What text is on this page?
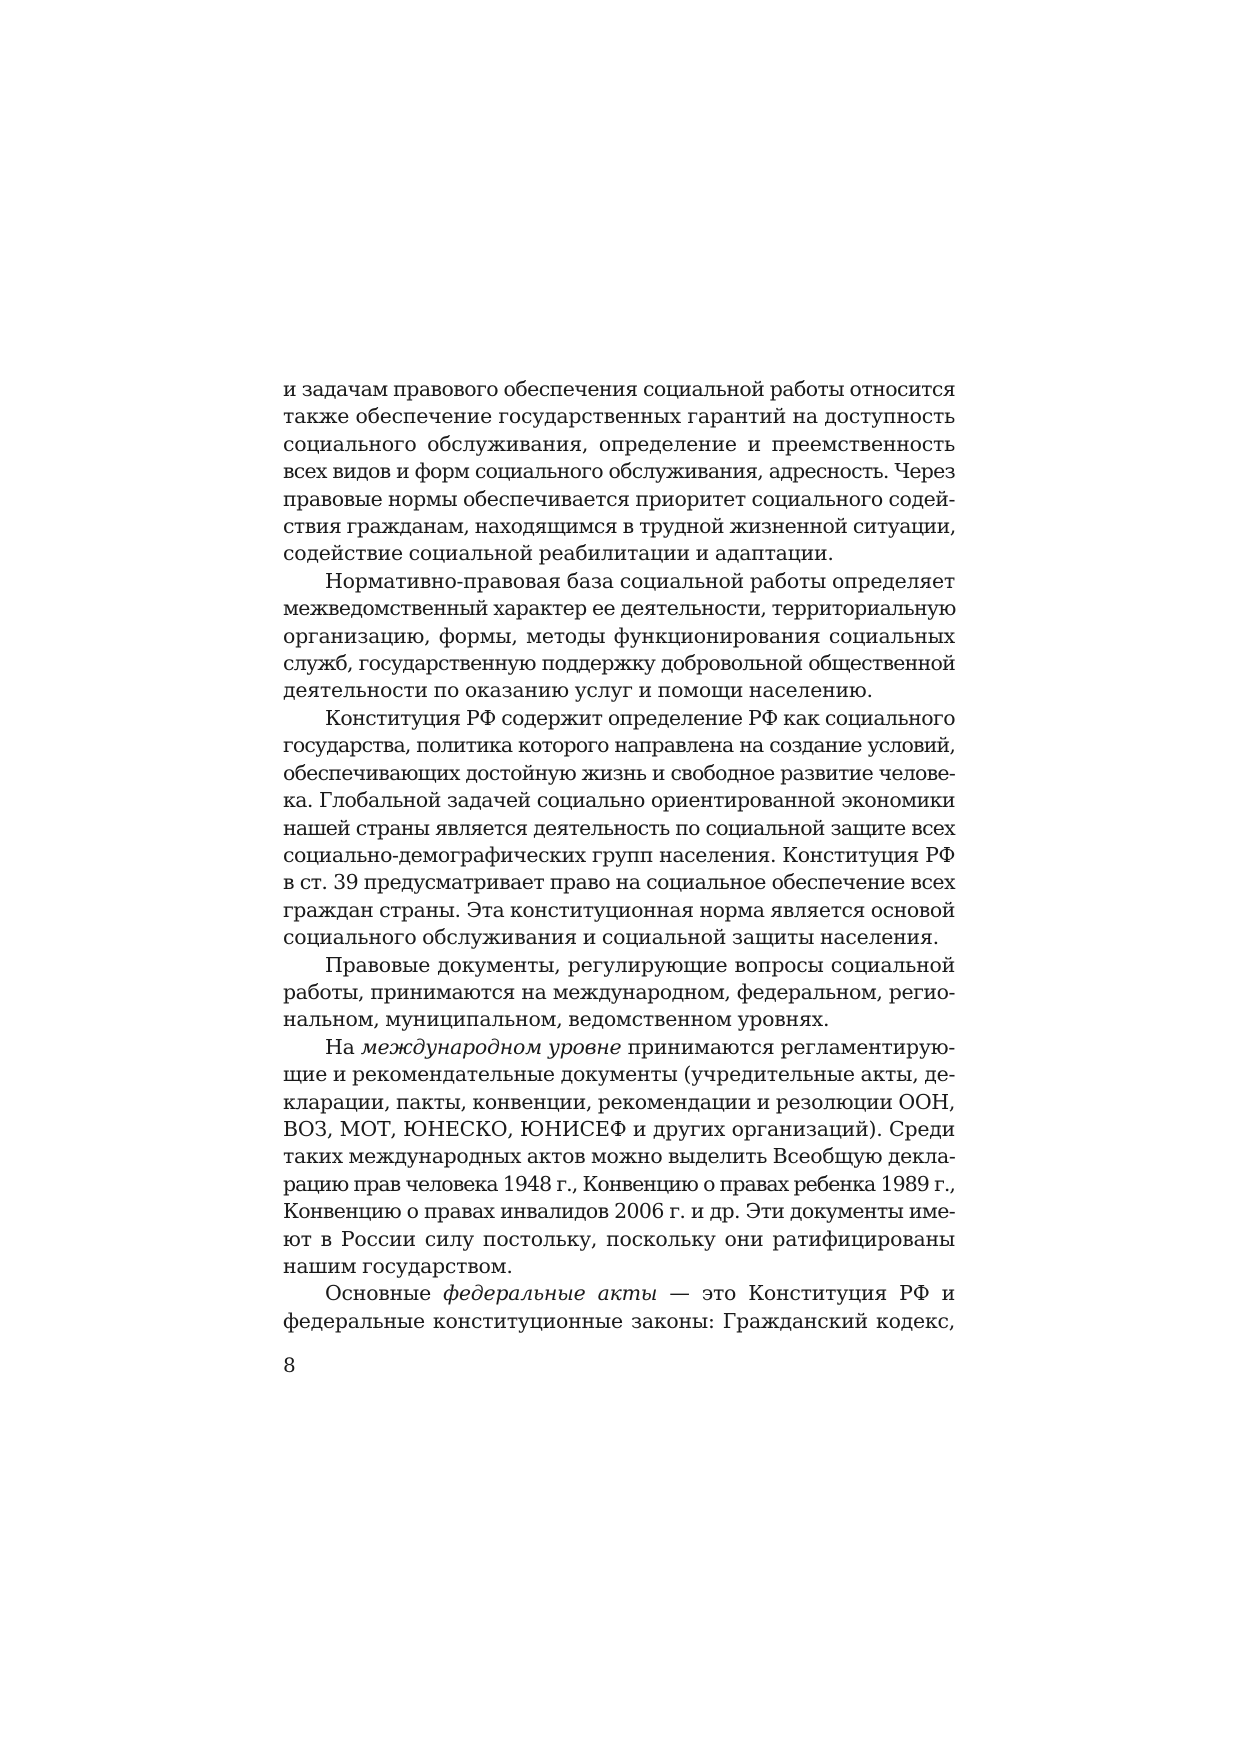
и задачам правового обеспечения социальной работы относится
также обеспечение государственных гарантий на доступность
социального обслуживания, определение и преемственность
всех видов и форм социального обслуживания, адресность. Через
правовые нормы обеспечивается приоритет социального содей-
ствия гражданам, находящимся в трудной жизненной ситуации,
содействие социальной реабилитации и адаптации.

Нормативно-правовая база социальной работы определяет
межведомственный характер ее деятельности, территориальную
организацию, формы, методы функционирования социальных
служб, государственную поддержку добровольной общественной
деятельности по оказанию услуг и помощи населению.

Конституция РФ содержит определение РФ как социального
государства, политика которого направлена на создание условий,
обеспечивающих достойную жизнь и свободное развитие челове-
ка. Глобальной задачей социально ориентированной экономики
нашей страны является деятельность по социальной защите всех
социально-демографических групп населения. Конституция РФ
в ст. 39 предусматривает право на социальное обеспечение всех
граждан страны. Эта конституционная норма является основой
социального обслуживания и социальной защиты населения.

Правовые документы, регулирующие вопросы социальной
работы, принимаются на международном, федеральном, регио-
нальном, муниципальном, ведомственном уровнях.

На международном уровне принимаются регламентирую-
щие и рекомендательные документы (учредительные акты, де-
кларации, пакты, конвенции, рекомендации и резолюции ООН,
ВОЗ, МОТ, ЮНЕСКО, ЮНИСЕФ и других организаций). Среди
таких международных актов можно выделить Всеобщую декла-
рацию прав человека 1948 г., Конвенцию о правах ребенка 1989 г.,
Конвенцию о правах инвалидов 2006 г. и др. Эти документы име-
ют в России силу постольку, поскольку они ратифицированы
нашим государством.

Основные федеральные акты — это Конституция РФ и
федеральные конституционные законы: Гражданский кодекс,

8
